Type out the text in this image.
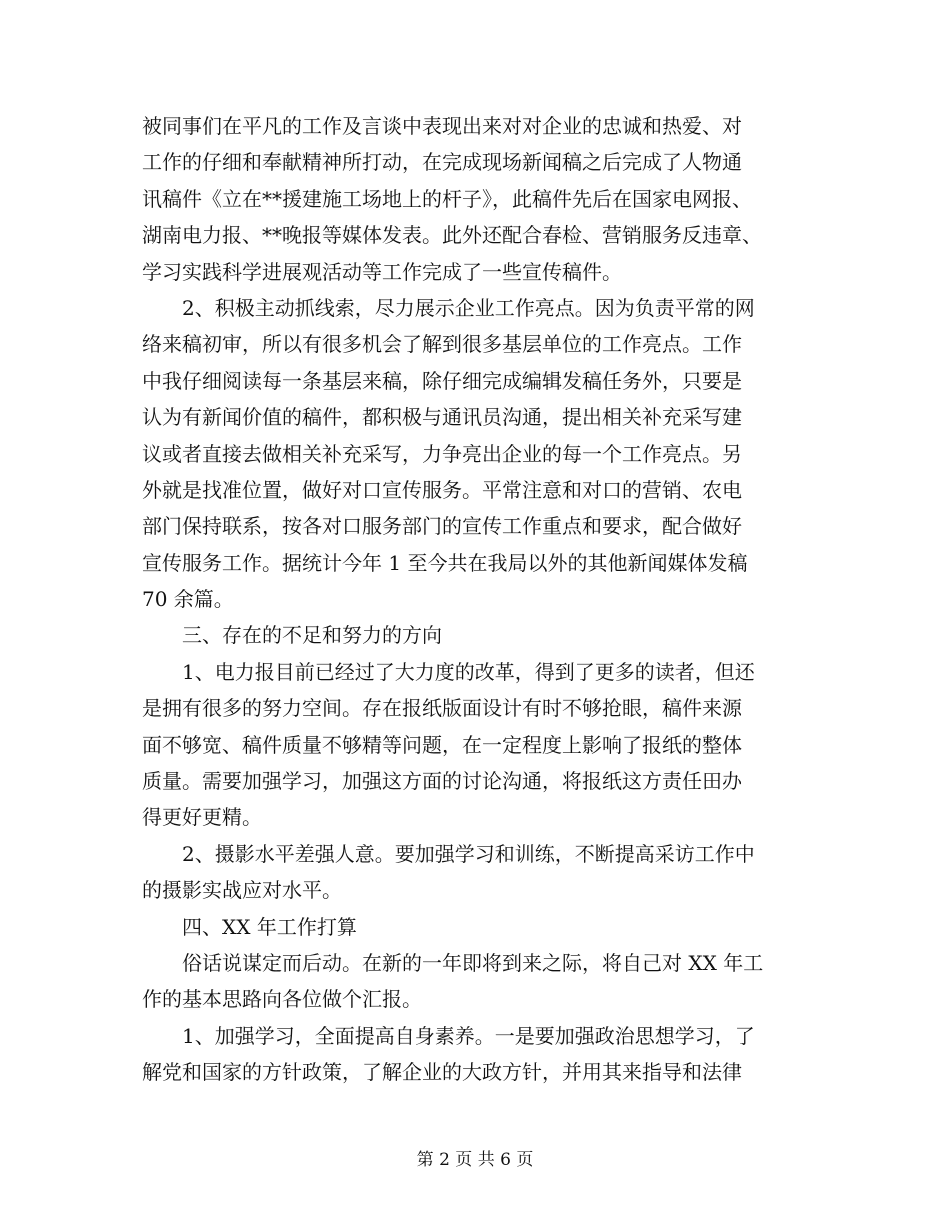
被同事们在平凡的工作及言谈中表现出来对对企业的忠诚和热爱、对
工作的仔细和奉献精神所打动，在完成现场新闻稿之后完成了人物通
讯稿件《立在**援建施工场地上的杆子》，此稿件先后在国家电网报、
湖南电力报、**晚报等媒体发表。此外还配合春检、营销服务反违章、
学习实践科学进展观活动等工作完成了一些宣传稿件。
2、积极主动抓线索，尽力展示企业工作亮点。因为负责平常的网
络来稿初审，所以有很多机会了解到很多基层单位的工作亮点。工作
中我仔细阅读每一条基层来稿，除仔细完成编辑发稿任务外，只要是
认为有新闻价值的稿件，都积极与通讯员沟通，提出相关补充采写建
议或者直接去做相关补充采写，力争亮出企业的每一个工作亮点。另
外就是找准位置，做好对口宣传服务。平常注意和对口的营销、农电
部门保持联系，按各对口服务部门的宣传工作重点和要求，配合做好
宣传服务工作。据统计今年 1 至今共在我局以外的其他新闻媒体发稿
70 余篇。
三、存在的不足和努力的方向
1、电力报目前已经过了大力度的改革，得到了更多的读者，但还
是拥有很多的努力空间。存在报纸版面设计有时不够抢眼，稿件来源
面不够宽、稿件质量不够精等问题，在一定程度上影响了报纸的整体
质量。需要加强学习，加强这方面的讨论沟通，将报纸这方责任田办
得更好更精。
2、摄影水平差强人意。要加强学习和训练，不断提高采访工作中
的摄影实战应对水平。
四、XX 年工作打算
俗话说谋定而后动。在新的一年即将到来之际，将自己对 XX 年工
作的基本思路向各位做个汇报。
1、加强学习，全面提高自身素养。一是要加强政治思想学习，了
解党和国家的方针政策，了解企业的大政方针，并用其来指导和法律
第 2 页 共 6 页
